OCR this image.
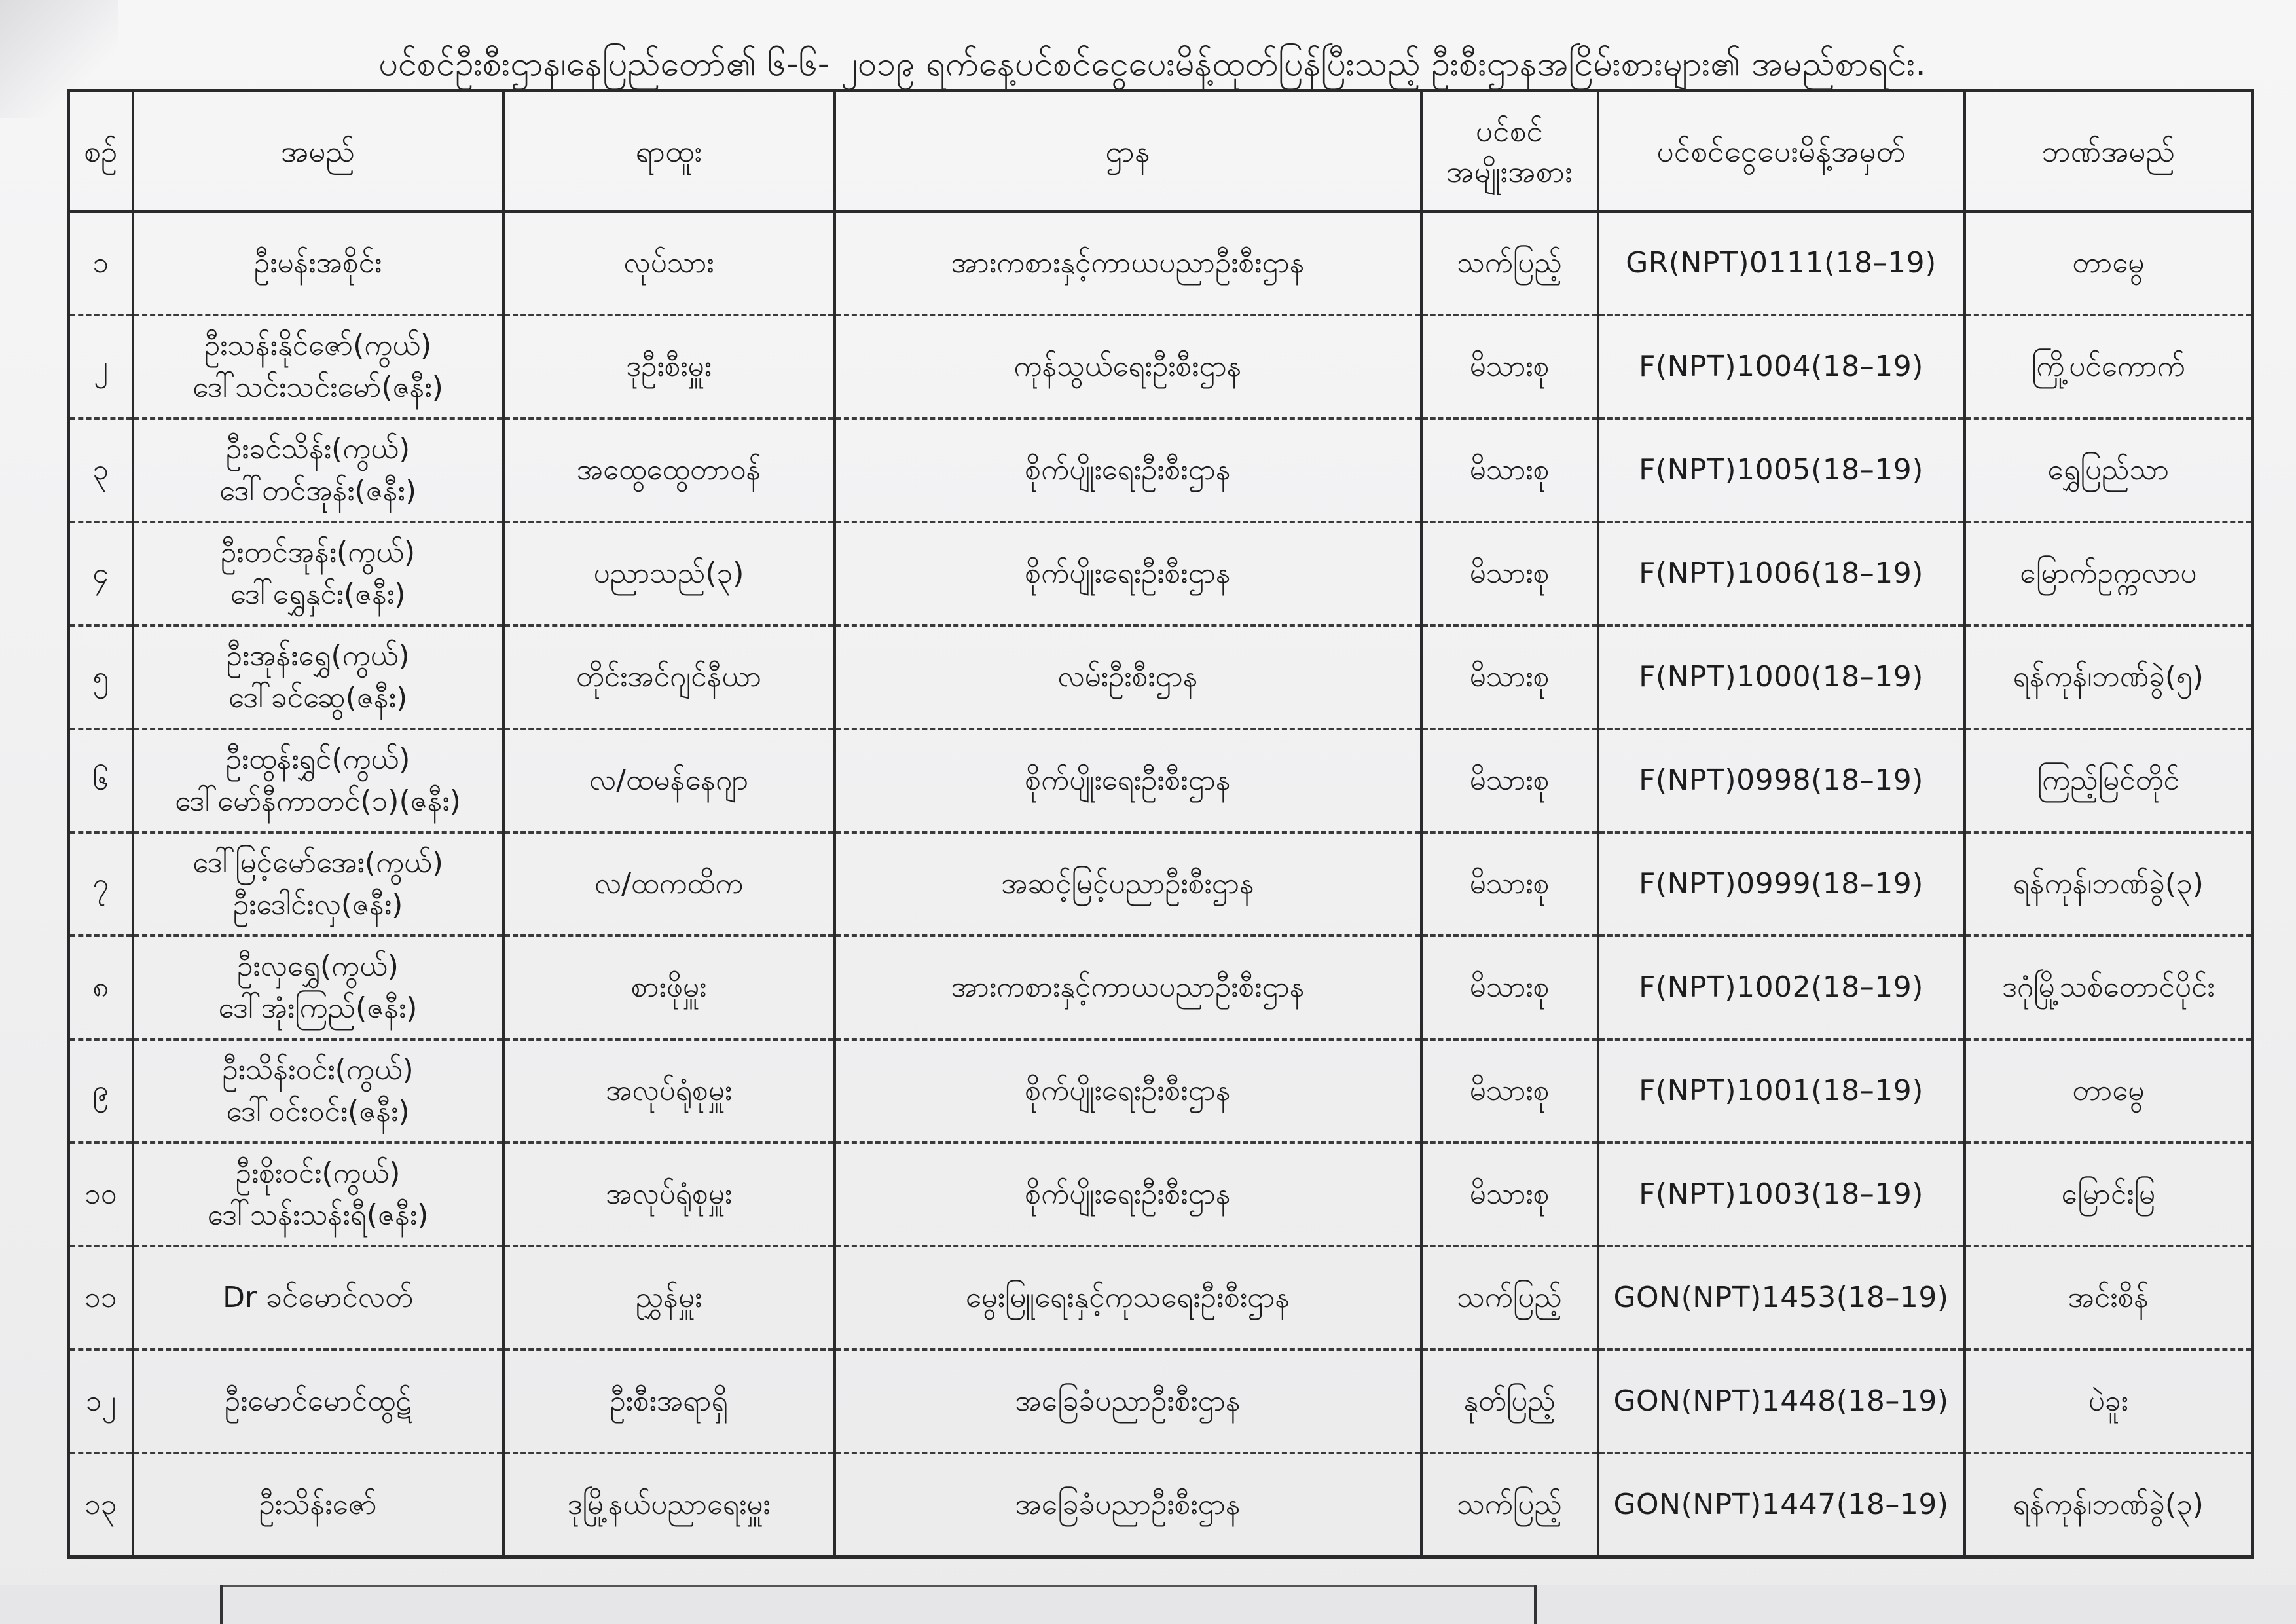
ပင်စင်ဦးစီးဌာန၊နေပြည်တော်၏ ၆-၆- ၂၀၁၉ ရက်နေ့ပင်စင်ငွေပေးမိန့်ထုတ်ပြန်ပြီးသည့် ဦးစီးဌာနအငြိမ်းစားများ၏ အမည်စာရင်း.
စဉ်	အမည်	ရာထူး	ဌာန	ပင်စင်
အမျိုးအစား	ပင်စင်ငွေပေးမိန့်အမှတ်	ဘဏ်အမည်
၁	ဦးမန်းအစိုင်း	လုပ်သား	အားကစားနှင့်ကာယပညာဦးစီးဌာန	သက်ပြည့်	GR(NPT)0111(18–19)	တာမွေ
၂	ဦးသန်းနိုင်ဇော်(ကွယ်)
ဒေါ်သင်းသင်းမော်(ဇနီး)	ဒုဦးစီးမှူး	ကုန်သွယ်ရေးဦးစီးဌာန	မိသားစု	F(NPT)1004(18–19)	ကြို့ပင်ကောက်
၃	ဦးခင်သိန်း(ကွယ်)
ဒေါ်တင်အုန်း(ဇနီး)	အထွေထွေတာဝန်	စိုက်ပျိုးရေးဦးစီးဌာန	မိသားစု	F(NPT)1005(18–19)	ရွှေပြည်သာ
၄	ဦးတင်အုန်း(ကွယ်)
ဒေါ်ရွှေနှင်း(ဇနီး)	ပညာသည်(၃)	စိုက်ပျိုးရေးဦးစီးဌာန	မိသားစု	F(NPT)1006(18–19)	မြောက်ဥက္ကလာပ
၅	ဦးအုန်းရွှေ(ကွယ်)
ဒေါ်ခင်ဆွေ(ဇနီး)	တိုင်းအင်ဂျင်နီယာ	လမ်းဦးစီးဌာန	မိသားစု	F(NPT)1000(18–19)	ရန်ကုန်၊ဘဏ်ခွဲ(၅)
၆	ဦးထွန်းရွှင်(ကွယ်)
ဒေါ်မော်နီကာတင်(၁)(ဇနီး)	လ/ထမန်နေဂျာ	စိုက်ပျိုးရေးဦးစီးဌာန	မိသားစု	F(NPT)0998(18–19)	ကြည့်မြင်တိုင်
၇	ဒေါ်မြင့်မော်အေး(ကွယ်)
ဦးဒေါင်းလှ(ဇနီး)	လ/ထကထိက	အဆင့်မြင့်ပညာဦးစီးဌာန	မိသားစု	F(NPT)0999(18–19)	ရန်ကုန်၊ဘဏ်ခွဲ(၃)
၈	ဦးလှရွှေ(ကွယ်)
ဒေါ်အုံးကြည်(ဇနီး)	စားဖိုမှူး	အားကစားနှင့်ကာယပညာဦးစီးဌာန	မိသားစု	F(NPT)1002(18–19)	ဒဂုံမြို့သစ်တောင်ပိုင်း
၉	ဦးသိန်းဝင်း(ကွယ်)
ဒေါ်ဝင်းဝင်း(ဇနီး)	အလုပ်ရုံစုမှူး	စိုက်ပျိုးရေးဦးစီးဌာန	မိသားစု	F(NPT)1001(18–19)	တာမွေ
၁၀	ဦးစိုးဝင်း(ကွယ်)
ဒေါ်သန်းသန်းရီ(ဇနီး)	အလုပ်ရုံစုမှူး	စိုက်ပျိုးရေးဦးစီးဌာန	မိသားစု	F(NPT)1003(18–19)	မြောင်းမြ
၁၁	Dr ခင်မောင်လတ်	ညွှန်မှူး	မွေးမြူရေးနှင့်ကုသရေးဦးစီးဌာန	သက်ပြည့်	GON(NPT)1453(18–19)	အင်းစိန်
၁၂	ဦးမောင်မောင်ထွဋ်	ဦးစီးအရာရှိ	အခြေခံပညာဦးစီးဌာန	နုတ်ပြည့်	GON(NPT)1448(18–19)	ပဲခူး
၁၃	ဦးသိန်းဇော်	ဒုမြို့နယ်ပညာရေးမှူး	အခြေခံပညာဦးစီးဌာန	သက်ပြည့်	GON(NPT)1447(18–19)	ရန်ကုန်၊ဘဏ်ခွဲ(၃)
